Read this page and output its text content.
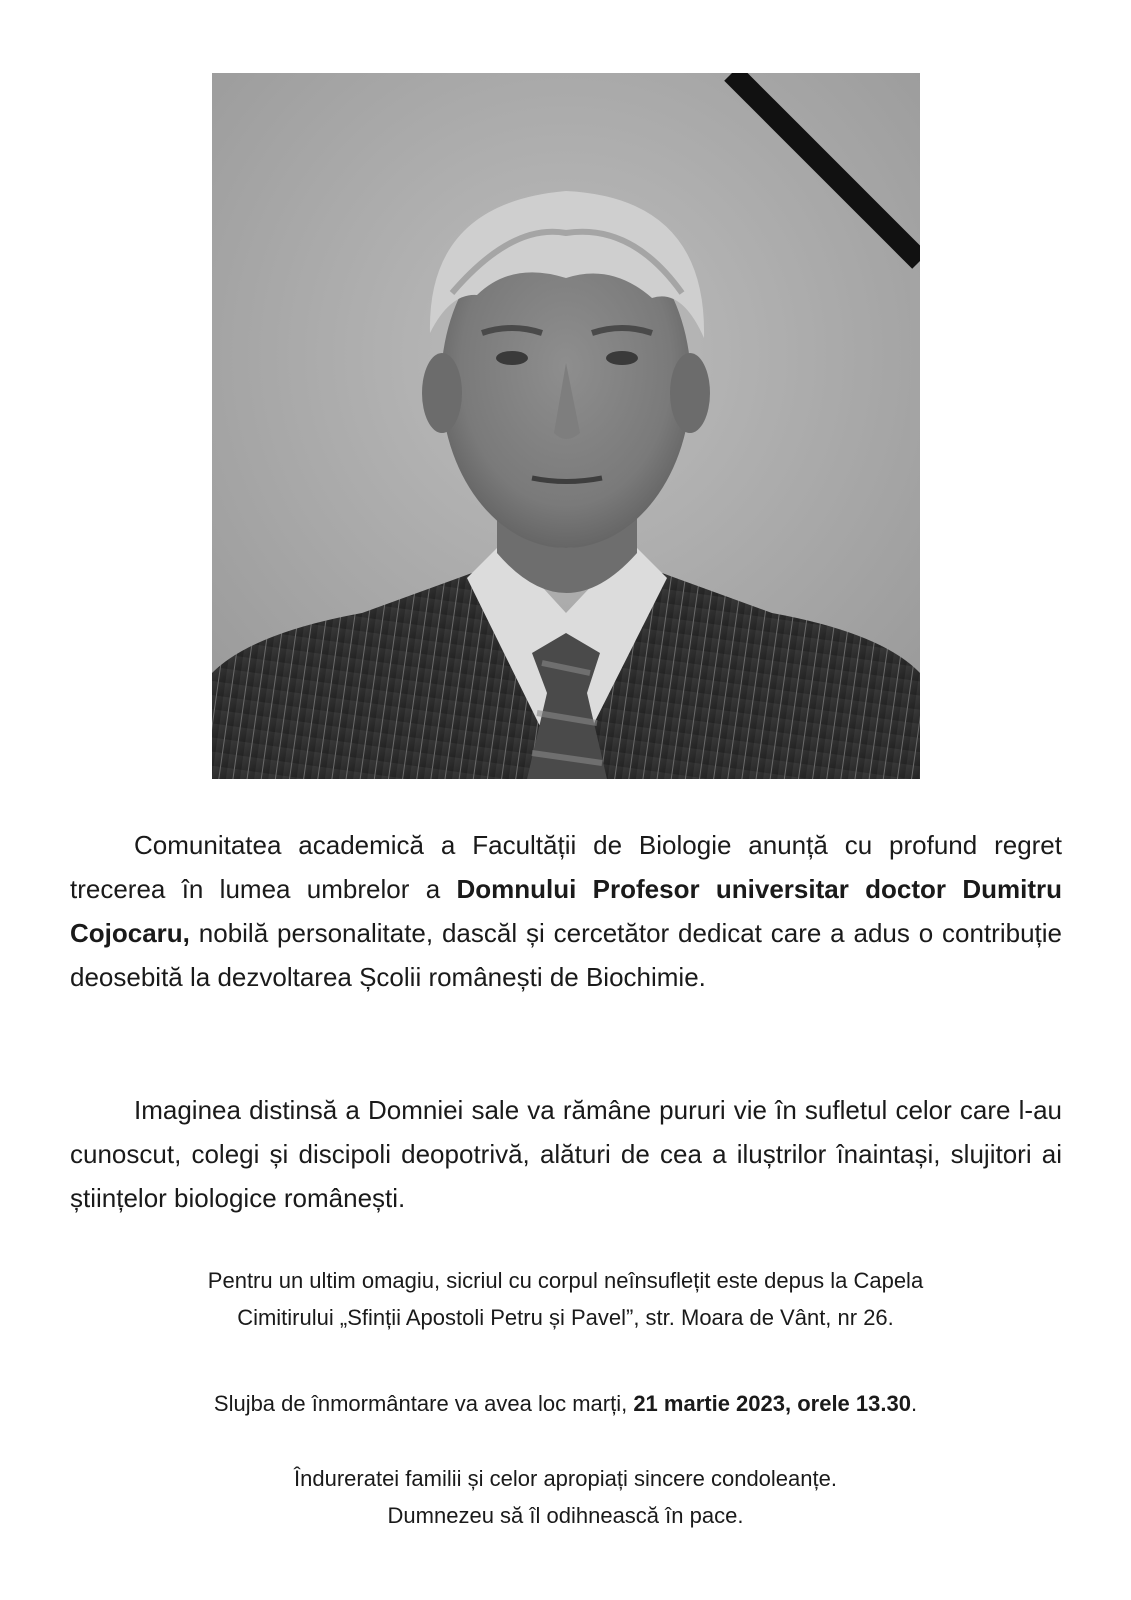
Comunitatea academică a Facultății de Biologie anunță cu profund regret trecerea în lumea umbrelor a Domnului Profesor universitar doctor Dumitru Cojocaru, nobilă personalitate, dascăl și cercetător dedicat care a adus o contribuție deosebită la dezvoltarea Școlii românești de Biochimie.

Imaginea distinsă a Domniei sale va rămâne pururi vie în sufletul celor care l-au cunoscut, colegi și discipoli deopotrivă, alături de cea a iluștrilor înaintași, slujitori ai științelor biologice românești.

Pentru un ultim omagiu, sicriul cu corpul neînsuflețit este depus la Capela
Cimitirului „Sfinții Apostoli Petru și Pavel”, str. Moara de Vânt, nr 26.
Slujba de înmormântare va avea loc marți, 21 martie 2023, orele 13.30.
Îndureratei familii și celor apropiați sincere condoleanțe.
Dumnezeu să îl odihnească în pace.
